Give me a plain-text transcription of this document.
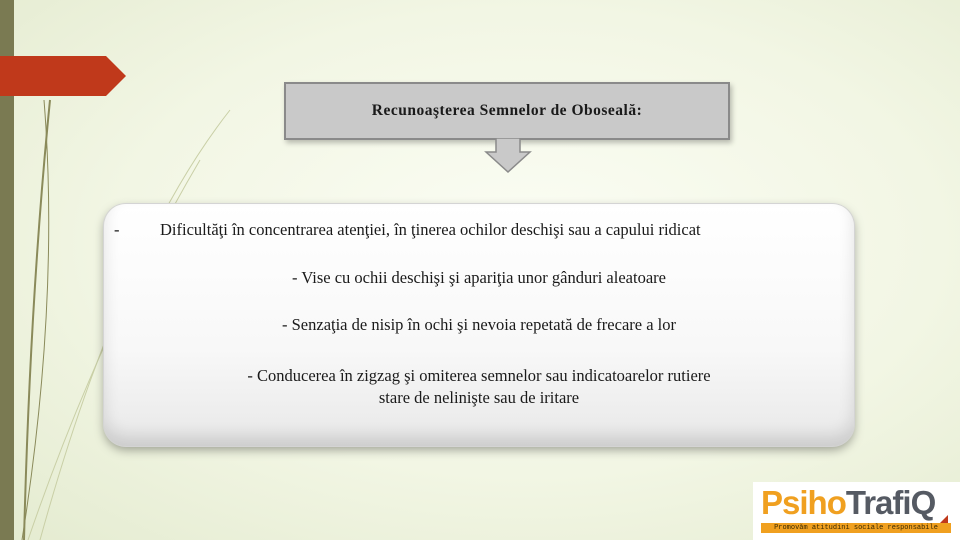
Recunoaşterea Semnelor de Oboseală:
- Dificultăţi în concentrarea atenţiei, în ţinerea ochilor deschişi sau a capului ridicat
- Vise cu ochii deschişi şi apariţia unor gânduri aleatoare
- Senzaţia de nisip în ochi şi nevoia repetată de frecare a lor
- Conducerea în zigzag şi omiterea semnelor sau indicatoarelor rutiere
stare de nelinişte sau de iritare
PsihoTrafiQ
Promovăm atitudini sociale responsabile
